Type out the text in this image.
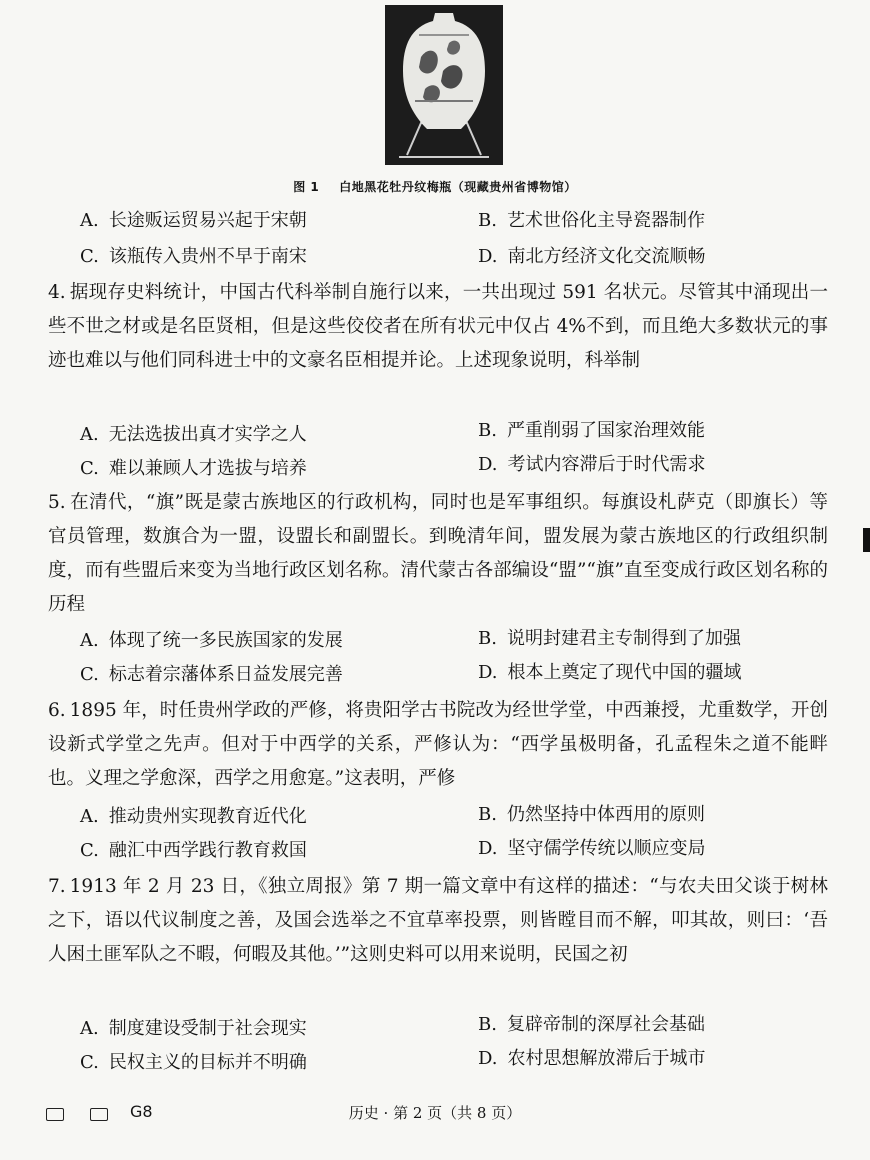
图 1 白地黑花牡丹纹梅瓶（现藏贵州省博物馆）
A. 长途贩运贸易兴起于宋朝	B. 艺术世俗化主导瓷器制作
C. 该瓶传入贵州不早于南宋	D. 南北方经济文化交流顺畅
4. 据现存史料统计，中国古代科举制自施行以来，一共出现过 591 名状元。尽管其中涌现出一些不世之材或是名臣贤相，但是这些佼佼者在所有状元中仅占 4%不到，而且绝大多数状元的事迹也难以与他们同科进士中的文豪名臣相提并论。上述现象说明，科举制
A. 无法选拔出真才实学之人	B. 严重削弱了国家治理效能
C. 难以兼顾人才选拔与培养	D. 考试内容滞后于时代需求
5. 在清代，“旗”既是蒙古族地区的行政机构，同时也是军事组织。每旗设札萨克（即旗长）等官员管理，数旗合为一盟，设盟长和副盟长。到晚清年间，盟发展为蒙古族地区的行政组织制度，而有些盟后来变为当地行政区划名称。清代蒙古各部编设“盟”“旗”直至变成行政区划名称的历程
A. 体现了统一多民族国家的发展	B. 说明封建君主专制得到了加强
C. 标志着宗藩体系日益发展完善	D. 根本上奠定了现代中国的疆域
6. 1895 年，时任贵州学政的严修，将贵阳学古书院改为经世学堂，中西兼授，尤重数学，开创设新式学堂之先声。但对于中西学的关系，严修认为：“西学虽极明备，孔孟程朱之道不能畔也。义理之学愈深，西学之用愈寔。”这表明，严修
A. 推动贵州实现教育近代化	B. 仍然坚持中体西用的原则
C. 融汇中西学践行教育救国	D. 坚守儒学传统以顺应变局
7. 1913 年 2 月 23 日，《独立周报》第 7 期一篇文章中有这样的描述：“与农夫田父谈于树林之下，语以代议制度之善，及国会选举之不宜草率投票，则皆瞠目而不解，叩其故，则曰：‘吾人困土匪军队之不暇，何暇及其他。’”这则史料可以用来说明，民国之初
A. 制度建设受制于社会现实	B. 复辟帝制的深厚社会基础
C. 民权主义的目标并不明确	D. 农村思想解放滞后于城市
G8	历史 · 第 2 页（共 8 页）
